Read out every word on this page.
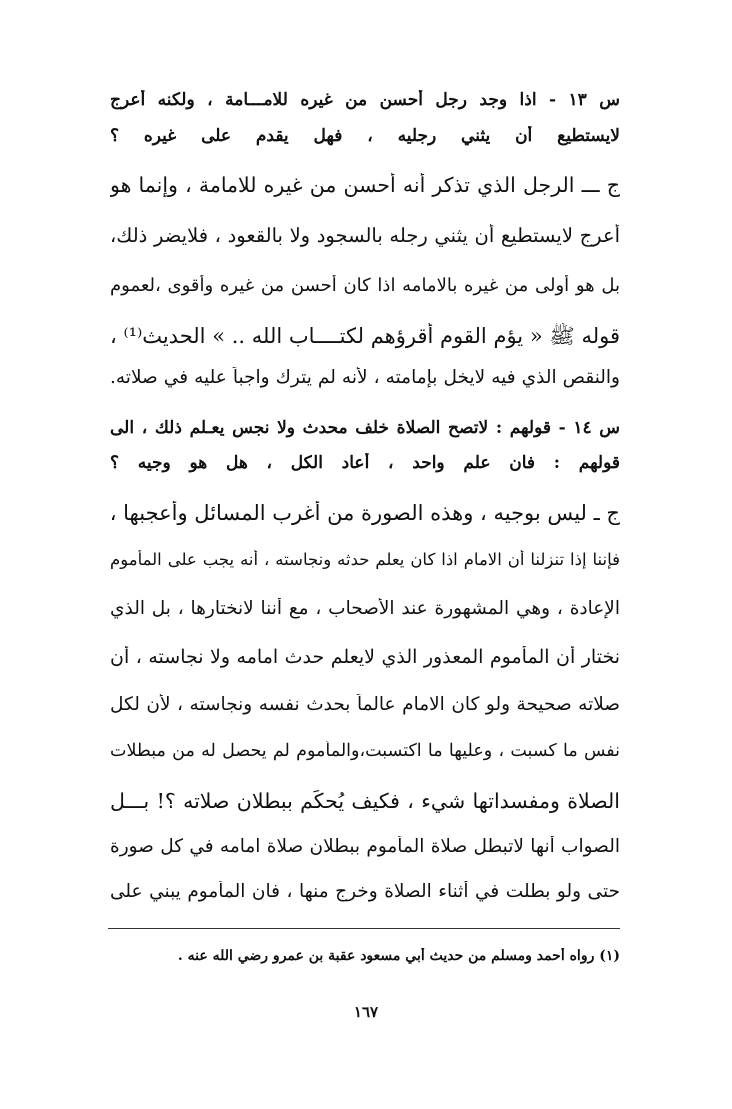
س ١٣ - اذا وجد رجل أحسن من غيره للامـــامة ، ولكنه أعرج
لايستطيع أن يثني رجليه ، فهل يقدم على غيره ؟
ج ـــ الرجل الذي تذكر أنه أحسن من غيره للامامة ، وإنما هو
أعرج لايستطيع أن يثني رجله بالسجود ولا بالقعود ، فلايضر ذلك،
بل هو أولى من غيره بالامامه اذا كان أحسن من غيره وأقوى ،لعموم
قوله ﷺ « يؤم القوم أقرؤهم لكتــــاب الله .. » الحديث⁽¹⁾ ،
والنقص الذي فيه لايخل بإمامته ، لأنه لم يترك واجباً عليه في صلاته.
س ١٤ - قولهم : لاتصح الصلاة خلف محدث ولا نجس يعـلم ذلك ، الى
قولهم : فان علم واحد ، أعاد الكل ، هل هو وجيه ؟
ج ـ ليس بوجيه ، وهذه الصورة من أغرب المسائل وأعجبها ،
فإننا إذا تنزلنا أن الامام اذا كان يعلم حدثه ونجاسته ، أنه يجب على المأموم
الإعادة ، وهي المشهورة عند الأصحاب ، مع أننا لانختارها ، بل الذي
نختار أن المأموم المعذور الذي لايعلم حدث امامه ولا نجاسته ، أن
صلاته صحيحة ولو كان الامام عالماً بحدث نفسه ونجاسته ، لأن لكل
نفس ما كسبت ، وعليها ما اكتسبت،والمأموم لم يحصل له من مبطلات
الصلاة ومفسداتها شيء ، فكيف يُحكَم ببطلان صلاته ؟! بـــل
الصواب أنها لاتبطل صلاة المأموم ببطلان صلاة امامه في كل صورة
حتى ولو بطلت في أثناء الصلاة وخرج منها ، فان المأموم يبني على
(١) رواه أحمد ومسلم من حديث أبي مسعود عقبة بن عمرو رضي الله عنه .
١٦٧
